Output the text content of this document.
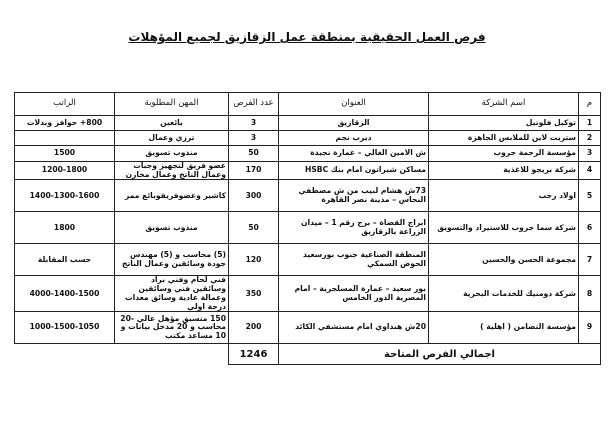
فرص العمل الحقيقية بمنطقة عمل الزقازيق لجميع المؤهلات
م	اسم الشركة	العنوان	عدد الفرص	المهن المطلوبة	الراتب
1	توكيل فلوتيل	الزقازيق	3	بائعين	800+ حوافز وبدلات
2	ستريت لاين للملابس الجاهزة	ديرب نجم	3	ترزي وعمال	
3	مؤسسة الرحمة جروب	ش الامين الغالي – عمارة نجيدة	50	مندوب تسويق	1500
4	شركة بريجو للاغذية	مساكن شبراتون امام بنك HSBC	170	عضو فريق لتجهيز وجبات وعمال الناتج وعمال مخازن	1200-1800
5	اولاد رجب	73ش هشام لبيب من ش مصطفي النحاس – مدينة نصر القاهرة	300	كاشير وعضوفريقوبائع ممر	1400-1300-1600
6	شركة سما جروب للاستيراد والتسويق	ابراج القضاة – برج رقم 1 – ميدان الزراعة بالزقازيق	50	مندوب تسويق	1800
7	مجموعة الحسن والحسين	المنطقة الصناعية جنوب بورسعيد الحوض السمكي	120	(5) محاسب و (5) مهندس جودة وسائقين وعمال الناتج	حسب المقابلة
8	شركة دومنيك للخدمات البحرية	بور سعيد – عمارة المسلجرية – امام المصرية الدور الخامس	350	فني لحام وفني براد وسائقين فني وسائقين وعمالة عادية وسائق معدات درجة اولي	4000-1400-1500
9	مؤسسة التضامن ( اهلية )	20ش هنداوي امام مستشفي الكائد	200	150 متسبق مؤهل عالي -20 محاسب و 20 مدخل بيانات و 10 مساعد مكتب	1000-1500-1050
اجمالي الفرص المتاحة			1246		
